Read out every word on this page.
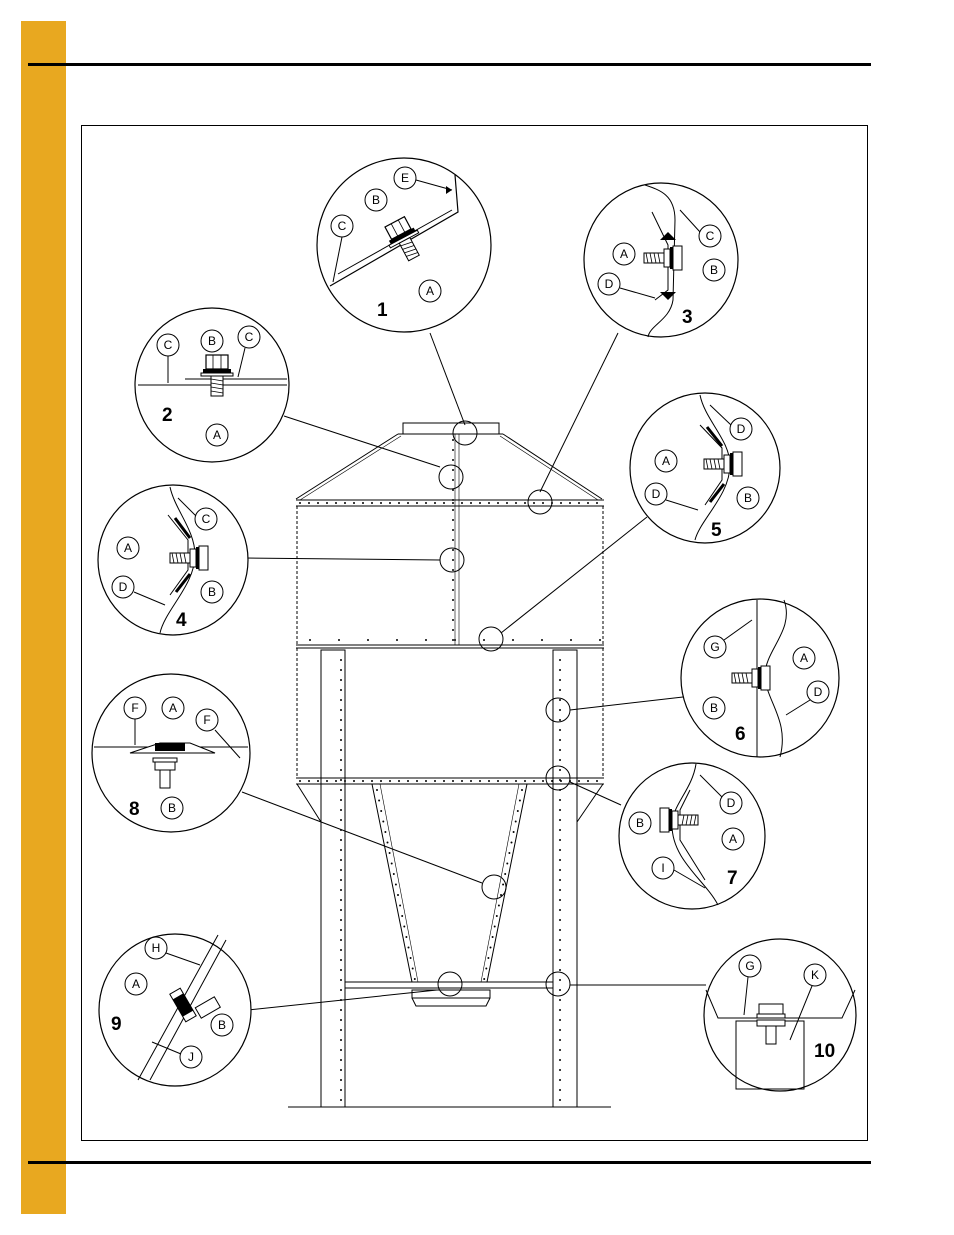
E
B
C
A
1
C	B C
A
2
C
A
B
D
3
C
A
D	B
4
D
A
D	B
5
G
A
D
B
6
D
B
A
I	7
F	A
F
B
8
H
A
B
J
9
G
K
10
